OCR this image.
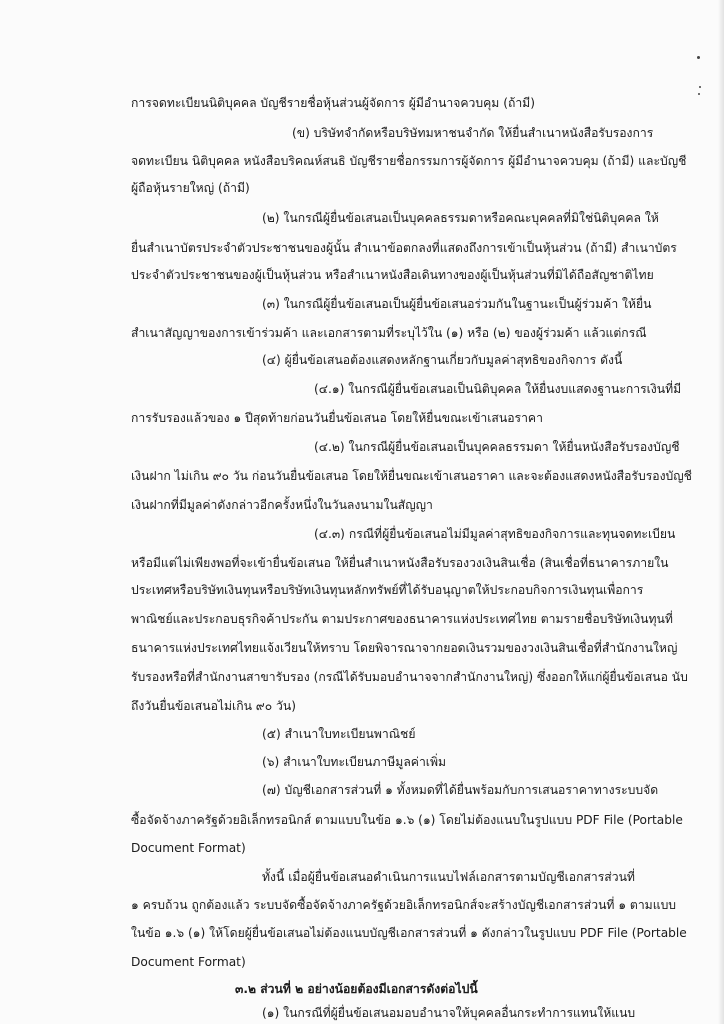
การจดทะเบียนนิติบุคคล บัญชีรายชื่อหุ้นส่วนผู้จัดการ ผู้มีอำนาจควบคุม (ถ้ามี)
(ข) บริษัทจำกัดหรือบริษัทมหาชนจำกัด ให้ยื่นสำเนาหนังสือรับรองการ
จดทะเบียน นิติบุคคล หนังสือบริคณห์สนธิ บัญชีรายชื่อกรรมการผู้จัดการ ผู้มีอำนาจควบคุม (ถ้ามี) และบัญชี
ผู้ถือหุ้นรายใหญ่ (ถ้ามี)
(๒) ในกรณีผู้ยื่นข้อเสนอเป็นบุคคลธรรมดาหรือคณะบุคคลที่มิใช่นิติบุคคล ให้
ยื่นสำเนาบัตรประจำตัวประชาชนของผู้นั้น สำเนาข้อตกลงที่แสดงถึงการเข้าเป็นหุ้นส่วน (ถ้ามี) สำเนาบัตร
ประจำตัวประชาชนของผู้เป็นหุ้นส่วน หรือสำเนาหนังสือเดินทางของผู้เป็นหุ้นส่วนที่มิได้ถือสัญชาติไทย
(๓) ในกรณีผู้ยื่นข้อเสนอเป็นผู้ยื่นข้อเสนอร่วมกันในฐานะเป็นผู้ร่วมค้า ให้ยื่น
สำเนาสัญญาของการเข้าร่วมค้า และเอกสารตามที่ระบุไว้ใน (๑) หรือ (๒) ของผู้ร่วมค้า แล้วแต่กรณี
(๔) ผู้ยื่นข้อเสนอต้องแสดงหลักฐานเกี่ยวกับมูลค่าสุทธิของกิจการ ดังนี้
(๔.๑) ในกรณีผู้ยื่นข้อเสนอเป็นนิติบุคคล ให้ยื่นงบแสดงฐานะการเงินที่มี
การรับรองแล้วของ ๑ ปีสุดท้ายก่อนวันยื่นข้อเสนอ โดยให้ยื่นขณะเข้าเสนอราคา
(๔.๒) ในกรณีผู้ยื่นข้อเสนอเป็นบุคคลธรรมดา ให้ยื่นหนังสือรับรองบัญชี
เงินฝาก ไม่เกิน ๙๐ วัน ก่อนวันยื่นข้อเสนอ โดยให้ยื่นขณะเข้าเสนอราคา และจะต้องแสดงหนังสือรับรองบัญชี
เงินฝากที่มีมูลค่าดังกล่าวอีกครั้งหนึ่งในวันลงนามในสัญญา
(๔.๓) กรณีที่ผู้ยื่นข้อเสนอไม่มีมูลค่าสุทธิของกิจการและทุนจดทะเบียน
หรือมีแต่ไม่เพียงพอที่จะเข้ายื่นข้อเสนอ ให้ยื่นสำเนาหนังสือรับรองวงเงินสินเชื่อ (สินเชื่อที่ธนาคารภายใน
ประเทศหรือบริษัทเงินทุนหรือบริษัทเงินทุนหลักทรัพย์ที่ได้รับอนุญาตให้ประกอบกิจการเงินทุนเพื่อการ
พาณิชย์และประกอบธุรกิจค้าประกัน ตามประกาศของธนาคารแห่งประเทศไทย ตามรายชื่อบริษัทเงินทุนที่
ธนาคารแห่งประเทศไทยแจ้งเวียนให้ทราบ โดยพิจารณาจากยอดเงินรวมของวงเงินสินเชื่อที่สำนักงานใหญ่
รับรองหรือที่สำนักงานสาขารับรอง (กรณีได้รับมอบอำนาจจากสำนักงานใหญ่) ซึ่งออกให้แก่ผู้ยื่นข้อเสนอ นับ
ถึงวันยื่นข้อเสนอไม่เกิน ๙๐ วัน)
(๕) สำเนาใบทะเบียนพาณิชย์
(๖) สำเนาใบทะเบียนภาษีมูลค่าเพิ่ม
(๗) บัญชีเอกสารส่วนที่ ๑ ทั้งหมดที่ได้ยื่นพร้อมกับการเสนอราคาทางระบบจัด
ซื้อจัดจ้างภาครัฐด้วยอิเล็กทรอนิกส์ ตามแบบในข้อ ๑.๖ (๑) โดยไม่ต้องแนบในรูปแบบ PDF File (Portable
Document Format)
ทั้งนี้ เมื่อผู้ยื่นข้อเสนอดำเนินการแนบไฟล์เอกสารตามบัญชีเอกสารส่วนที่
๑ ครบถ้วน ถูกต้องแล้ว ระบบจัดซื้อจัดจ้างภาครัฐด้วยอิเล็กทรอนิกส์จะสร้างบัญชีเอกสารส่วนที่ ๑ ตามแบบ
ในข้อ ๑.๖ (๑) ให้โดยผู้ยื่นข้อเสนอไม่ต้องแนบบัญชีเอกสารส่วนที่ ๑ ดังกล่าวในรูปแบบ PDF File (Portable
Document Format)
๓.๒ ส่วนที่ ๒ อย่างน้อยต้องมีเอกสารดังต่อไปนี้
(๑) ในกรณีที่ผู้ยื่นข้อเสนอมอบอำนาจให้บุคคลอื่นกระทำการแทนให้แนบ
